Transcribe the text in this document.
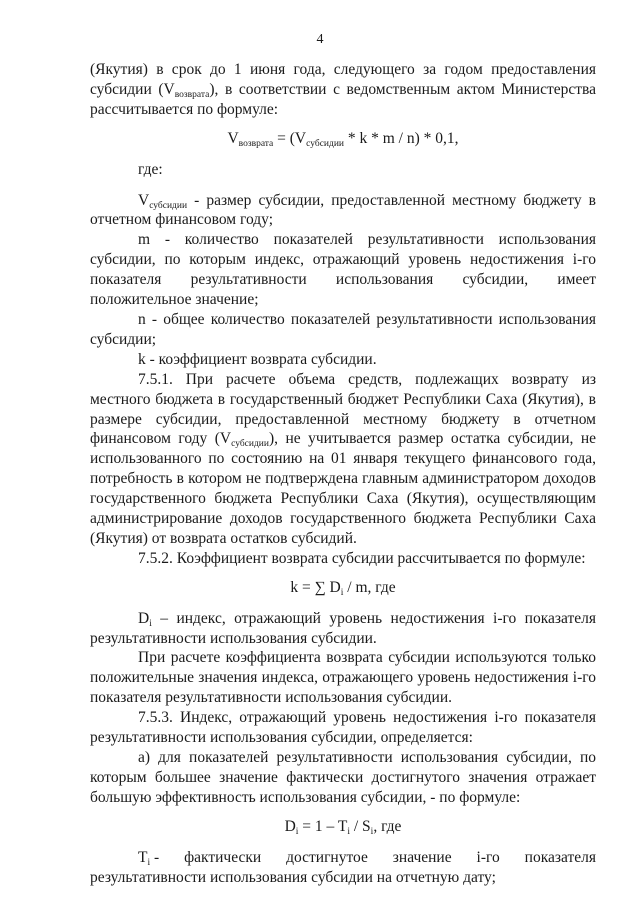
4

(Якутия) в срок до 1 июня года, следующего за годом предоставления субсидии $(V_{возврата})$, в соответствии с ведомственным актом Министерства рассчитывается по формуле:

$V_{возврата} = (V_{субсидии} * k * m / n) * 0,1$,

где:

$V_{субсидии}$ - размер субсидии, предоставленной местному бюджету в отчетном финансовом году;

m - количество показателей результативности использования субсидии, по которым индекс, отражающий уровень недостижения i-го показателя результативности использования субсидии, имеет положительное значение;

n - общее количество показателей результативности использования субсидии;

k - коэффициент возврата субсидии.

7.5.1. При расчете объема средств, подлежащих возврату из местного бюджета в государственный бюджет Республики Саха (Якутия), в размере субсидии, предоставленной местному бюджету в отчетном финансовом году $(V_{субсидии})$, не учитывается размер остатка субсидии, не использованного по состоянию на 01 января текущего финансового года, потребность в котором не подтверждена главным администратором доходов государственного бюджета Республики Саха (Якутия), осуществляющим администрирование доходов государственного бюджета Республики Саха (Якутия) от возврата остатков субсидий.

7.5.2. Коэффициент возврата субсидии рассчитывается по формуле:

k = ∑ $D_i$ / m, где

$D_i$ – индекс, отражающий уровень недостижения i-го показателя результативности использования субсидии.

При расчете коэффициента возврата субсидии используются только положительные значения индекса, отражающего уровень недостижения i-го показателя результативности использования субсидии.

7.5.3. Индекс, отражающий уровень недостижения i-го показателя результативности использования субсидии, определяется:

а) для показателей результативности использования субсидии, по которым большее значение фактически достигнутого значения отражает большую эффективность использования субсидии, - по формуле:

$D_i = 1 - T_i / S_i$, где

$T_i$ - фактически достигнутое значение i-го показателя

результативности использования субсидии на отчетную дату;
